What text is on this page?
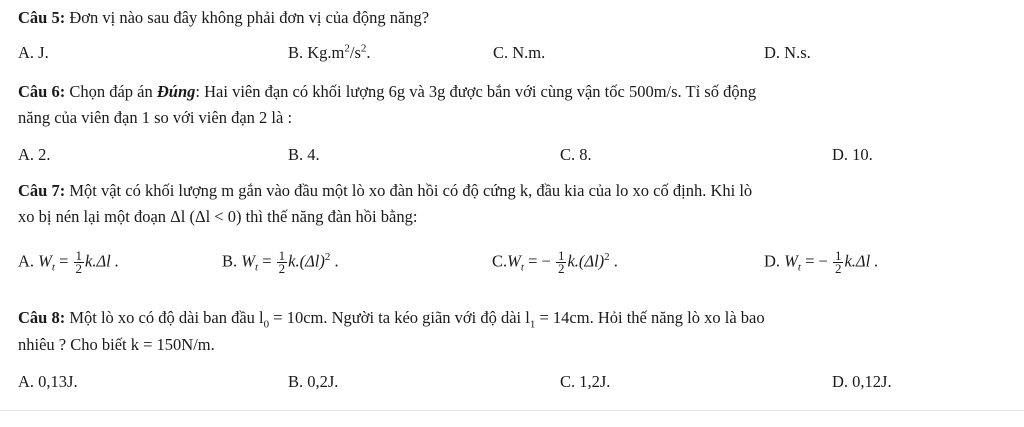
Câu 5: Đơn vị nào sau đây không phải đơn vị của động năng?
A. J.	B. $Kg.m^2/s^2$.	C. N.m.	D. N.s.
Câu 6: Chọn đáp án Đúng: Hai viên đạn có khối lượng 6g và 3g được bắn với cùng vận tốc 500m/s. Tỉ số động
năng của viên đạn 1 so với viên đạn 2 là :
A. 2.	B. 4.	C. 8.	D. 10.
Câu 7: Một vật có khối lượng m gắn vào đầu một lò xo đàn hồi có độ cứng k, đầu kia của lo xo cố định. Khi lò
xo bị nén lại một đoạn Δl (Δl < 0) thì thế năng đàn hồi bằng:
A. $W_t = \frac{1}{2} k.\Delta l$ .	B. $W_t = \frac{1}{2} k.(\Delta l)^2$ .	$C.W_t$ = − $\frac{1}{2} k.(\Delta l)^2$ .	D. $W_t$ = − $\frac{1}{2} k.\Delta l$ .
Câu 8: Một lò xo có độ dài ban đầu $l_0 = 10cm$. Người ta kéo giãn với độ dài $l_1 = 14cm$. Hỏi thế năng lò xo là bao
nhiêu ? Cho biết k = 150N/m.
A. 0,13J.	B. 0,2J.	C. 1,2J.	D. 0,12J.
